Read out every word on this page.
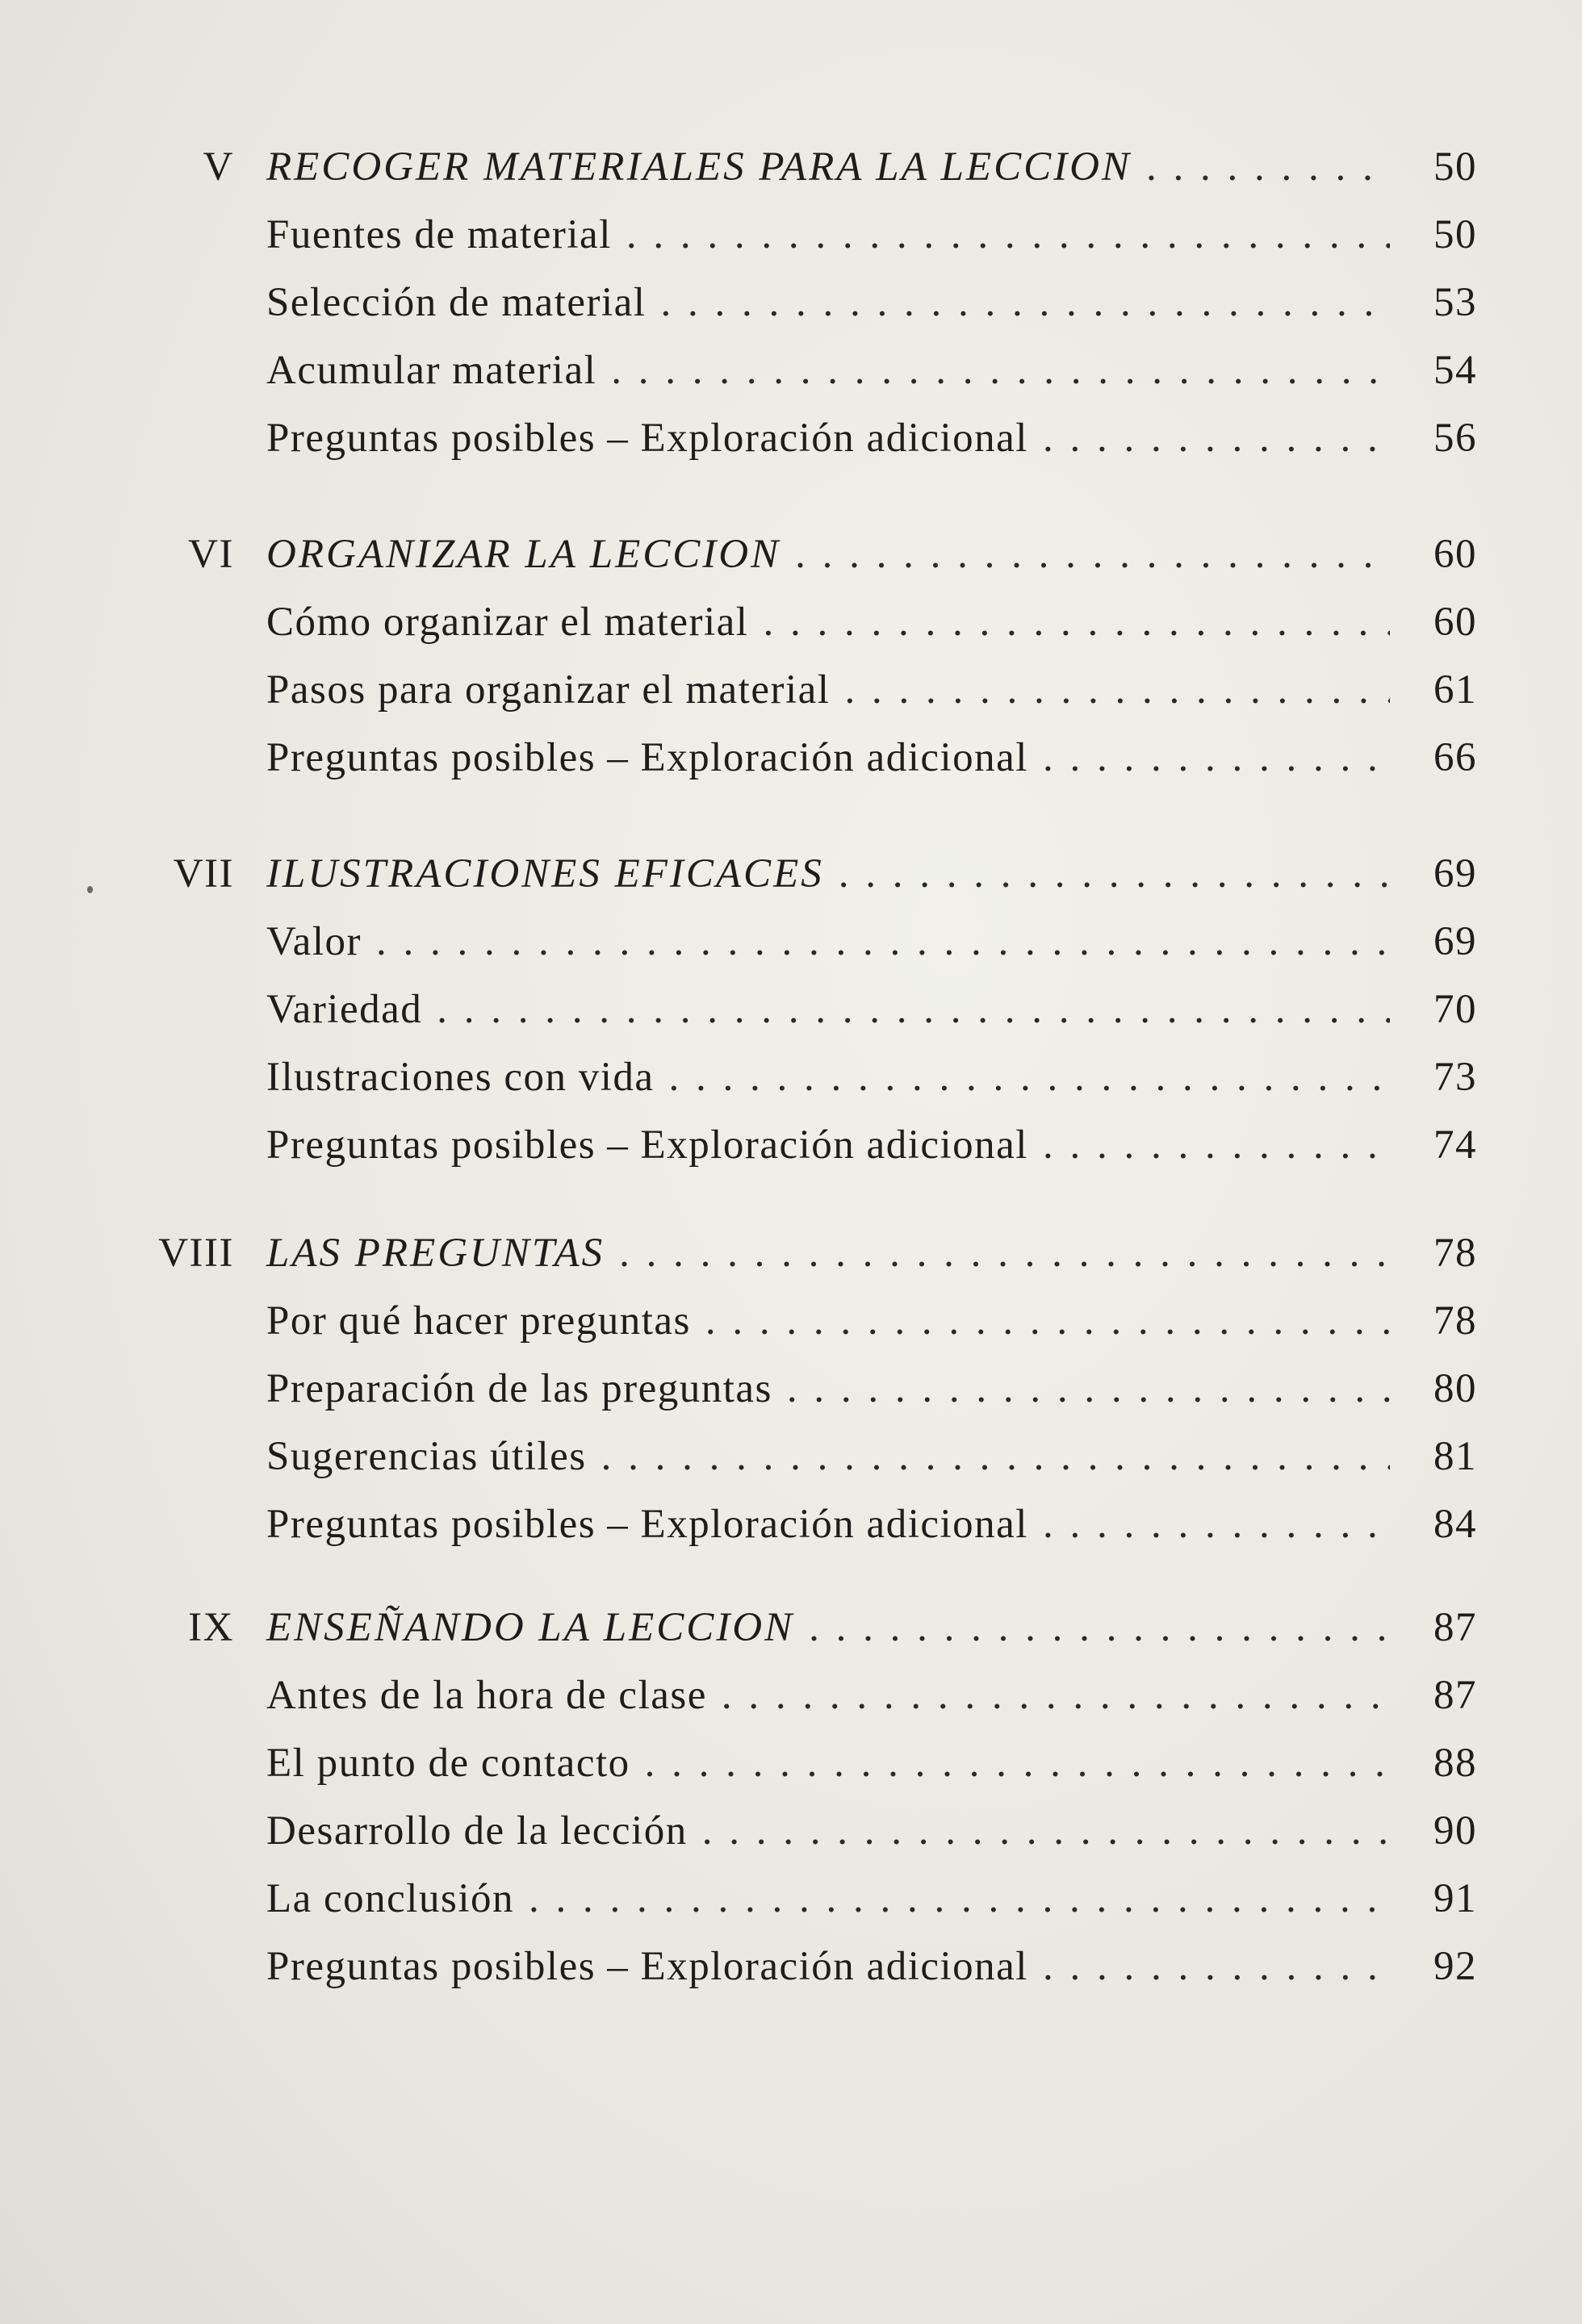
V RECOGER MATERIALES PARA LA LECCION . . .	50
Fuentes de material . . .	50
Selección de material . . .	53
Acumular material . . .	54
Preguntas posibles – Exploración adicional . . .	56
VI ORGANIZAR LA LECCION . . .	60
Cómo organizar el material . . .	60
Pasos para organizar el material . . .	61
Preguntas posibles – Exploración adicional . . .	66
VII ILUSTRACIONES EFICACES . . .	69
Valor . . .	69
Variedad . . .	70
Ilustraciones con vida . . .	73
Preguntas posibles – Exploración adicional . . .	74
VIII LAS PREGUNTAS . . .	78
Por qué hacer preguntas . . .	78
Preparación de las preguntas . . .	80
Sugerencias útiles . . .	81
Preguntas posibles – Exploración adicional . . .	84
IX ENSEÑANDO LA LECCION . . .	87
Antes de la hora de clase . . .	87
El punto de contacto . . .	88
Desarrollo de la lección . . .	90
La conclusión . . .	91
Preguntas posibles – Exploración adicional . . .	92
